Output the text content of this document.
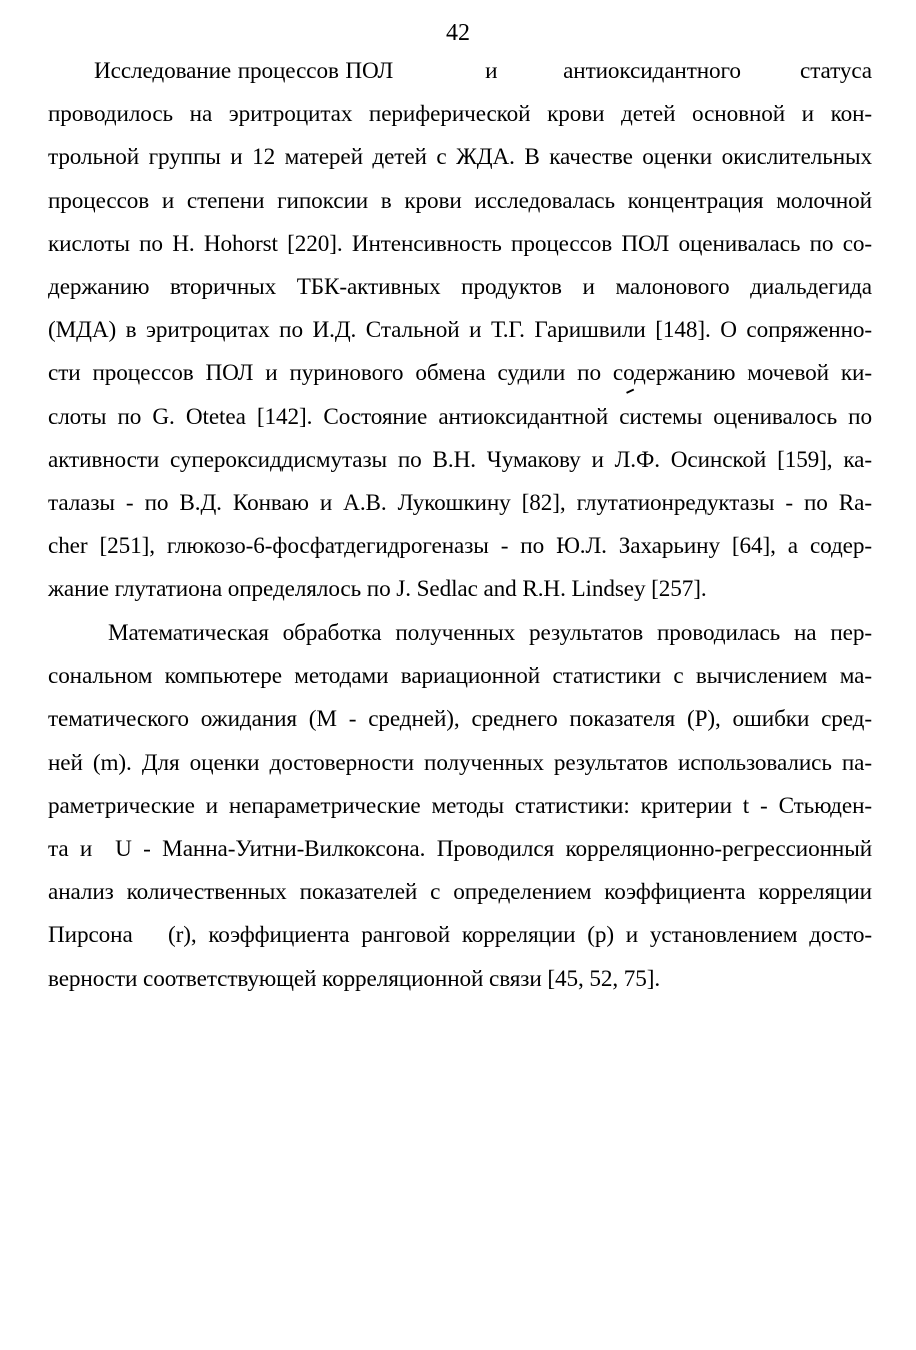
42
Исследование процессов ПОЛ              и          антиоксидантного         статуса
проводилось на эритроцитах периферической крови детей основной и кон-
трольной группы и 12 матерей детей с ЖДА. В качестве оценки окислительных
процессов и степени гипоксии в крови исследовалась концентрация молочной
кислоты по H. Hohorst [220]. Интенсивность процессов ПОЛ оценивалась по со-
держанию вторичных ТБК-активных продуктов и малонового диальдегида
(МДА) в эритроцитах по И.Д. Стальной и Т.Г. Гаришвили [148]. О сопряженно-
сти процессов ПОЛ и пуринового обмена судили по содержанию мочевой ки-
слоты по G. Otetea [142]. Состояние антиоксидантной системы оценивалось по
активности супероксиддисмутазы по В.Н. Чумакову и Л.Ф. Осинской [159], ка-
талазы - по В.Д. Конваю и А.В. Лукошкину [82], глутатионредуктазы - по Ra-
cher [251], глюкозо-6-фосфатдегидрогеназы - по Ю.Л. Захарьину [64], а содер-
жание глутатиона определялось по J. Sedlac and R.H. Lindsey [257].
Математическая обработка полученных результатов проводилась на пер-
сональном компьютере методами вариационной статистики с вычислением ма-
тематического ожидания (М - средней), среднего показателя (Р), ошибки сред-
ней (m). Для оценки достоверности полученных результатов использовались па-
раметрические и непараметрические методы статистики: критерии t - Стьюден-
та и  U - Манна-Уитни-Вилкоксона. Проводился корреляционно-регрессионный
анализ количественных показателей с определением коэффициента корреляции
Пирсона   (r), коэффициента ранговой корреляции (p) и установлением досто-
верности соответствующей корреляционной связи [45, 52, 75].
